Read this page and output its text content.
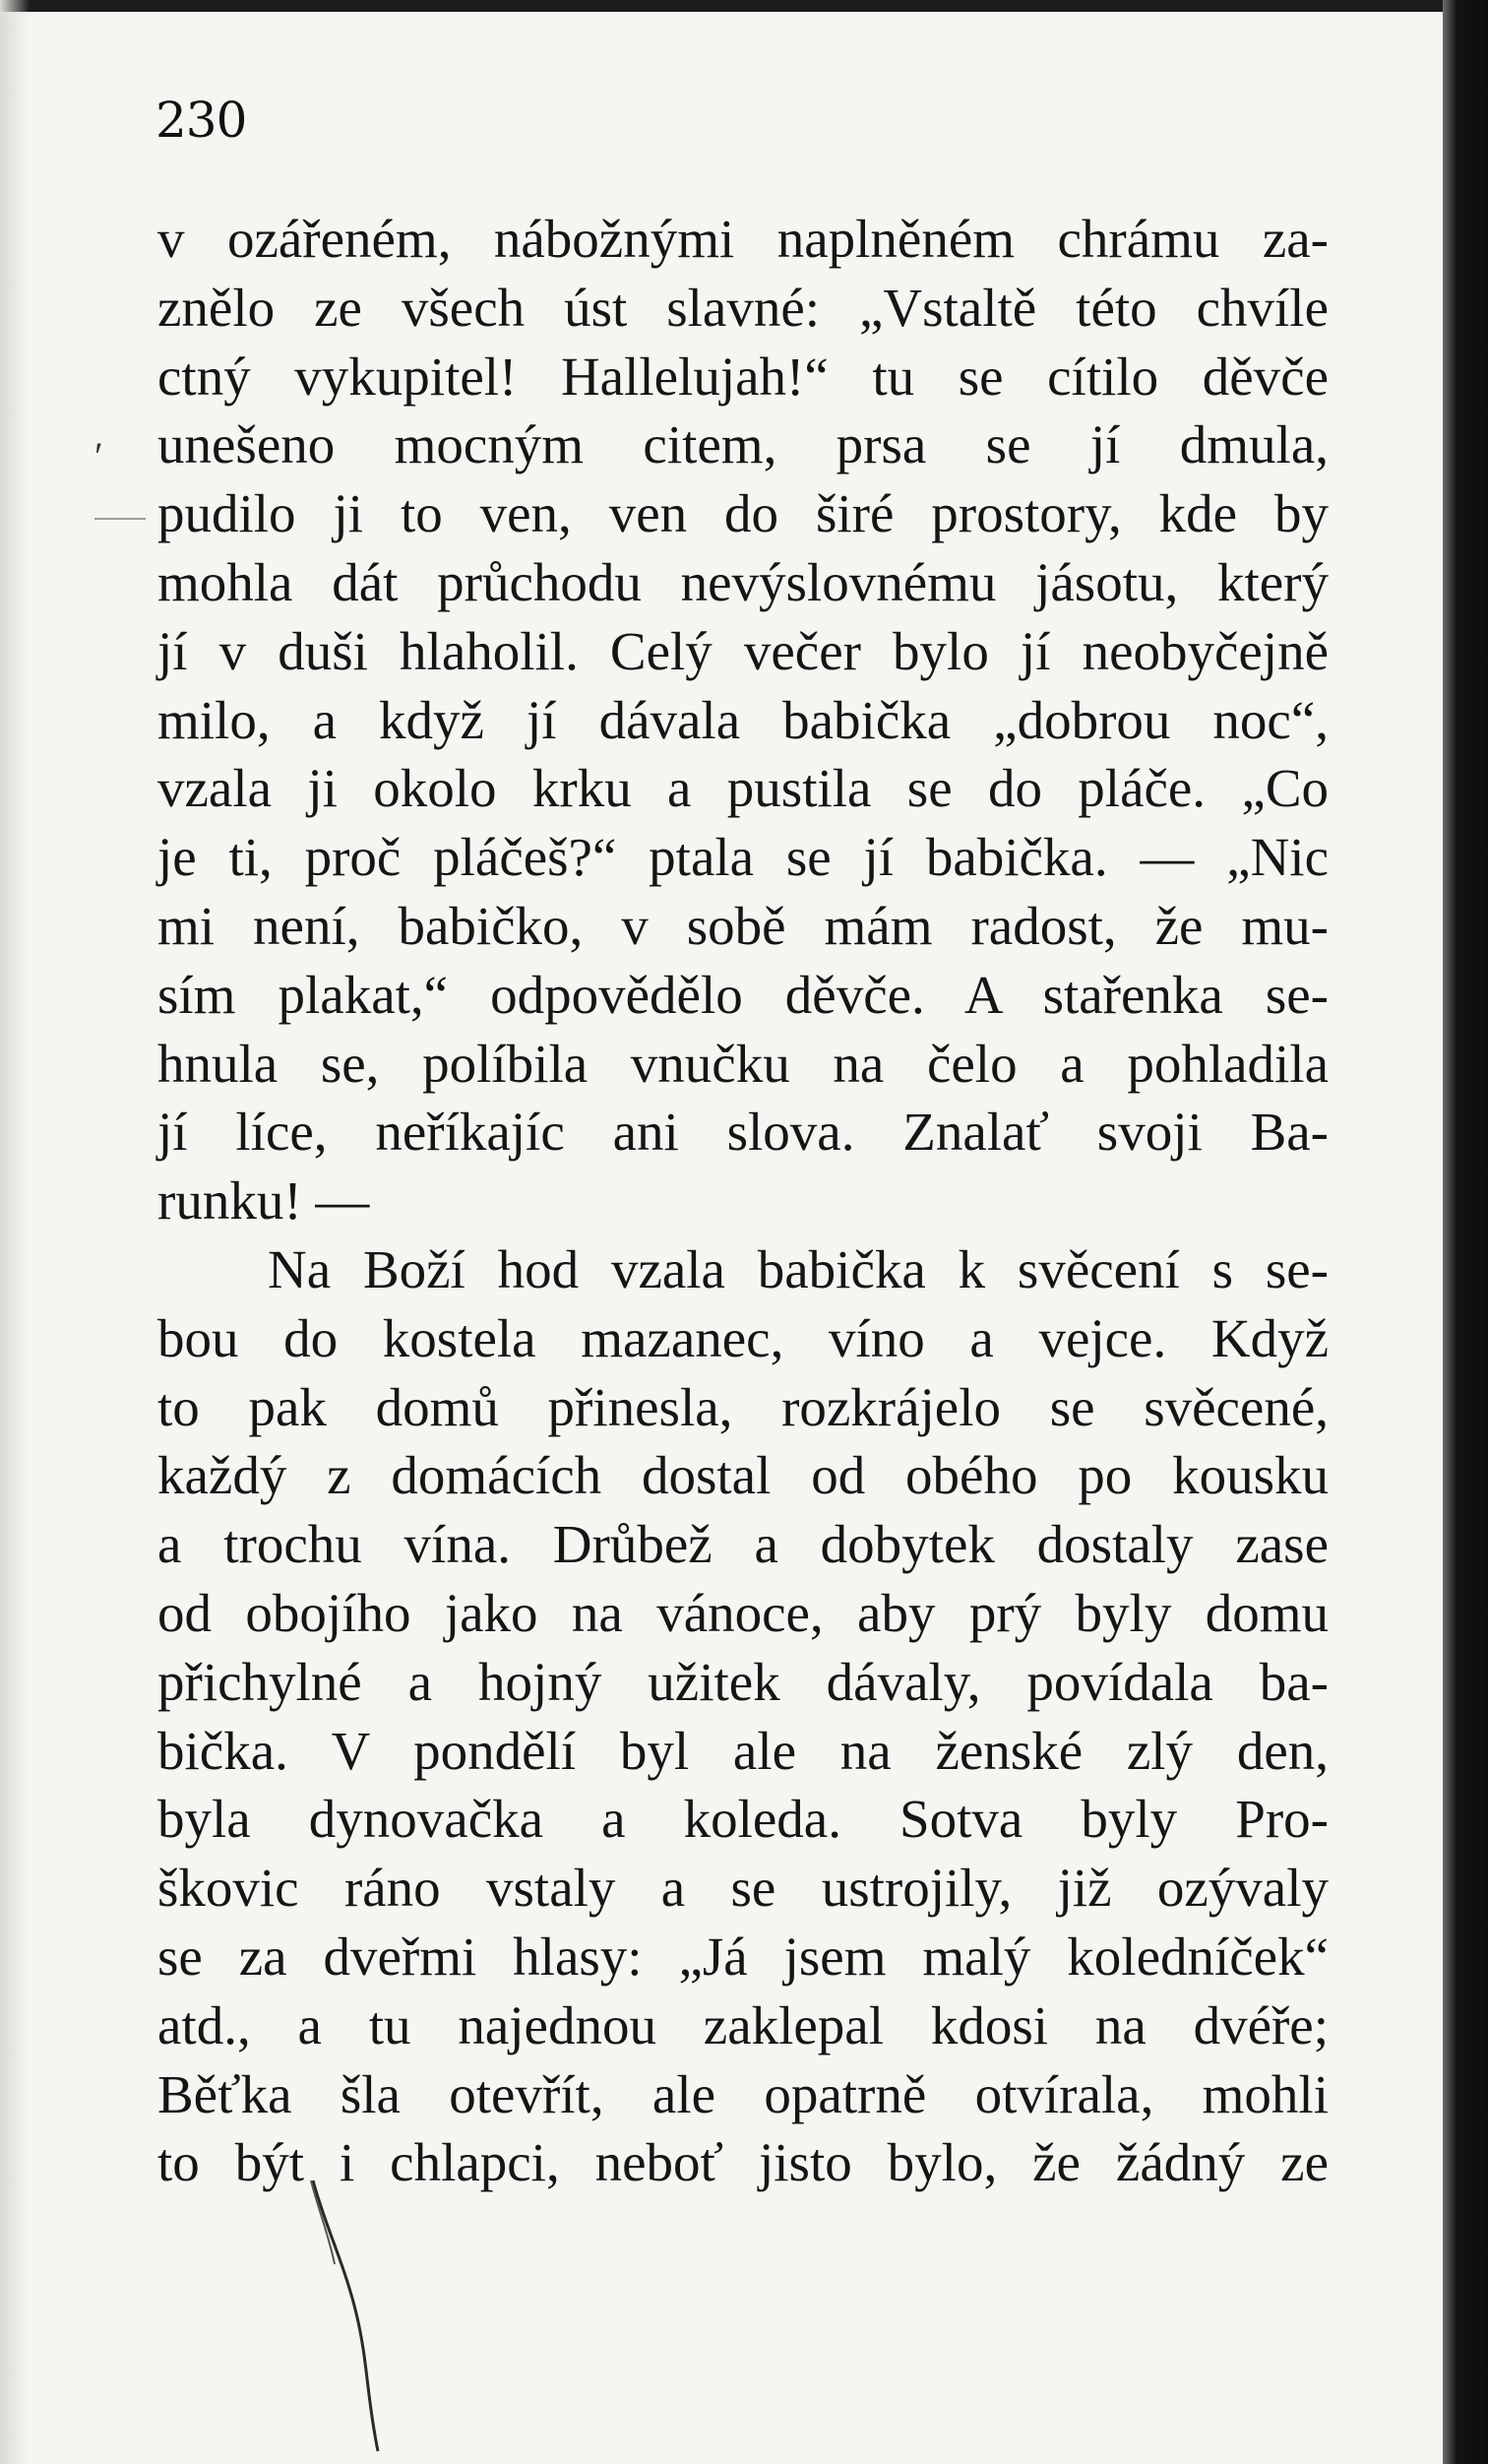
230
′
v ozářeném, nábožnými naplněném chrámu za-
znělo ze všech úst slavné: „Vstaltě této chvíle
ctný vykupitel! Hallelujah!“ tu se cítilo děvče
unešeno mocným citem, prsa se jí dmula,
pudilo ji to ven, ven do širé prostory, kde by
mohla dát průchodu nevýslovnému jásotu, který
jí v duši hlaholil. Celý večer bylo jí neobyčejně
milo, a když jí dávala babička „dobrou noc“,
vzala ji okolo krku a pustila se do pláče. „Co
je ti, proč pláčeš?“ ptala se jí babička. — „Nic
mi není, babičko, v sobě mám radost, že mu-
sím plakat,“ odpovědělo děvče. A stařenka se-
hnula se, políbila vnučku na čelo a pohladila
jí líce, neříkajíc ani slova. Znalať svoji Ba-
runku! —
Na Boží hod vzala babička k svěcení s se-
bou do kostela mazanec, víno a vejce. Když
to pak domů přinesla, rozkrájelo se svěcené,
každý z domácích dostal od obého po kousku
a trochu vína. Drůbež a dobytek dostaly zase
od obojího jako na vánoce, aby prý byly domu
přichylné a hojný užitek dávaly, povídala ba-
bička. V pondělí byl ale na ženské zlý den,
byla dynovačka a koleda. Sotva byly Pro-
škovic ráno vstaly a se ustrojily, již ozývaly
se za dveřmi hlasy: „Já jsem malý koledníček“
atd., a tu najednou zaklepal kdosi na dvéře;
Běťka šla otevřít, ale opatrně otvírala, mohli
to být i chlapci, neboť jisto bylo, že žádný ze
